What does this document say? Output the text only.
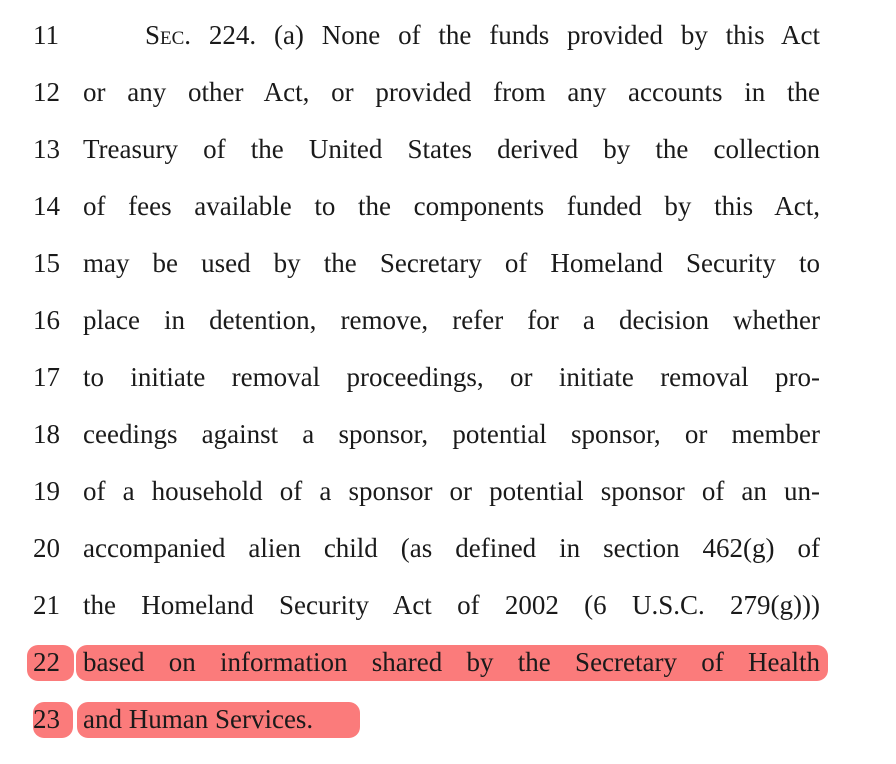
11	Sec. 224. (a) None of the funds provided by this Act
12 or any other Act, or provided from any accounts in the
13 Treasury of the United States derived by the collection
14 of fees available to the components funded by this Act,
15 may be used by the Secretary of Homeland Security to
16 place in detention, remove, refer for a decision whether
17 to initiate removal proceedings, or initiate removal pro-
18 ceedings against a sponsor, potential sponsor, or member
19 of a household of a sponsor or potential sponsor of an un-
20 accompanied alien child (as defined in section 462(g) of
21 the Homeland Security Act of 2002 (6 U.S.C. 279(g)))
22 based on information shared by the Secretary of Health
23 and Human Services.
